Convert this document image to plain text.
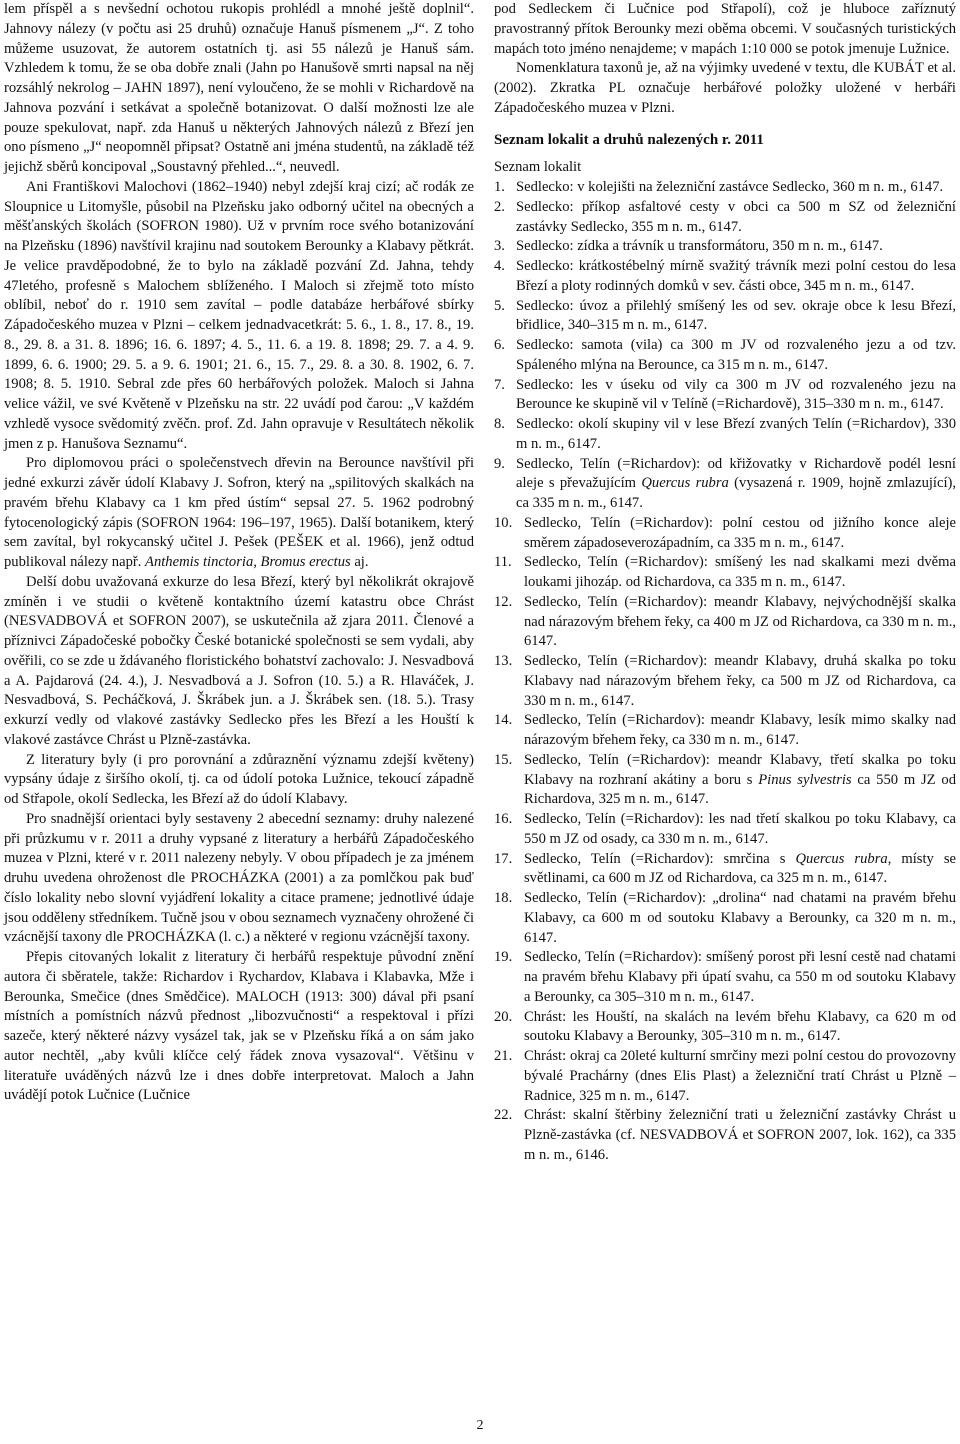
lem příspěl a s nevšední ochotou rukopis prohlédl a mnohé ještě doplnil“. Jahnovy nálezy (v počtu asi 25 druhů) označuje Hanuš písmenem „J“. Z toho můžeme usuzovat, že autorem ostatních tj. asi 55 nálezů je Hanuš sám. Vzhledem k tomu, že se oba dobře znali (Jahn po Hanušově smrti napsal na něj rozsáhlý nekrolog – JAHN 1897), není vyloučeno, že se mohli v Richardově na Jahnova pozvání i setkávat a společně botanizovat. O další možnosti lze ale pouze spekulovat, např. zda Hanuš u některých Jahnových nálezů z Březí jen ono písmeno „J“ neopomněl připsat? Ostatně ani jména studentů, na základě též jejichž sběrů koncipoval „Soustavný přehled...“, neuvedl.

Ani Františkovi Malochovi (1862–1940) nebyl zdejší kraj cizí; ač rodák ze Sloupnice u Litomyšle, působil na Plzeňsku jako odborný učitel na obecných a měšťanských školách (SOFRON 1980). Už v prvním roce svého botanizování na Plzeňsku (1896) navštívil krajinu nad soutokem Berounky a Klabavy pětkrát. Je velice pravděpodobné, že to bylo na základě pozvání Zd. Jahna, tehdy 47letého, profesně s Malochem sblíženého. I Maloch si zřejmě toto místo oblíbil, neboť do r. 1910 sem zavítal – podle databáze herbářové sbírky Západočeského muzea v Plzni – celkem jednadvacetkrát: 5. 6., 1. 8., 17. 8., 19. 8., 29. 8. a 31. 8. 1896; 16. 6. 1897; 4. 5., 11. 6. a 19. 8. 1898; 29. 7. a 4. 9. 1899, 6. 6. 1900; 29. 5. a 9. 6. 1901; 21. 6., 15. 7., 29. 8. a 30. 8. 1902, 6. 7. 1908; 8. 5. 1910. Sebral zde přes 60 herbářových položek. Maloch si Jahna velice vážil, ve své Květeně v Plzeňsku na str. 22 uvádí pod čarou: „V každém vzhledě vysoce svědomitý zvěčn. prof. Zd. Jahn opravuje v Resultátech několik jmen z p. Hanušova Seznamu“.

Pro diplomovou práci o společenstvech dřevin na Berounce navštívil při jedné exkurzi závěr údolí Klabavy J. Sofron, který na „spilitových skalkách na pravém břehu Klabavy ca 1 km před ústím“ sepsal 27. 5. 1962 podrobný fytocenologický zápis (SOFRON 1964: 196–197, 1965). Další botanikem, který sem zavítal, byl rokycanský učitel J. Pešek (PEŠEK et al. 1966), jenž odtud publikoval nálezy např. Anthemis tinctoria, Bromus erectus aj.

Delší dobu uvažovaná exkurze do lesa Březí, který byl několikrát okrajově zmíněn i ve studii o květeně kontaktního území katastru obce Chrást (NESVADBOVÁ et SOFRON 2007), se uskutečnila až zjara 2011. Členové a příznivci Západočeské pobočky České botanické společnosti se sem vydali, aby ověřili, co se zde u ždávaného floristického bohatství zachovalo: J. Nesvadbová a A. Pajdarová (24. 4.), J. Nesvadbová a J. Sofron (10. 5.) a R. Hlaváček, J. Nesvadbová, S. Pecháčková, J. Škrábek jun. a J. Škrábek sen. (18. 5.). Trasy exkurzí vedly od vlakové zastávky Sedlecko přes les Březí a les Houští k vlakové zastávce Chrást u Plzně-zastávka.

Z literatury byly (i pro porovnání a zdůraznění významu zdejší květeny) vypsány údaje z širšího okolí, tj. ca od údolí potoka Lužnice, tekoucí západně od Střapole, okolí Sedlecka, les Březí až do údolí Klabavy.

Pro snadnější orientaci byly sestaveny 2 abecední seznamy: druhy nalezené při průzkumu v r. 2011 a druhy vypsané z literatury a herbářů Západočeského muzea v Plzni, které v r. 2011 nalezeny nebyly. V obou případech je za jménem druhu uvedena ohroženost dle PROCHÁZKA (2001) a za pomlčkou pak buď číslo lokality nebo slovní vyjádření lokality a citace pramene; jednotlivé údaje jsou odděleny středníkem. Tučně jsou v obou seznamech vyznačeny ohrožené či vzácnější taxony dle PROCHÁZKA (l. c.) a některé v regionu vzácnější taxony.

Přepis citovaných lokalit z literatury či herbářů respektuje původní znění autora či sběratele, takže: Richardov i Rychardov, Klabava i Klabavka, Mže i Berounka, Smečice (dnes Smědčice). MALOCH (1913: 300) dával při psaní místních a pomístních názvů přednost „libozvučnosti“ a respektoval i přízi sazeče, který některé názvy vysázel tak, jak se v Plzeňsku říká a on sám jako autor nechtěl, „aby kvůli klíčce celý řádek znova vysazoval“. Většinu v literatuře uváděných názvů lze i dnes dobře interpretovat. Maloch a Jahn uvádějí potok Lučnice (Lučnice

pod Sedleckem či Lučnice pod Střapolí), což je hluboce zaříznutý pravostranný přítok Berounky mezi oběma obcemi. V současných turistických mapách toto jméno nenajdeme; v mapách 1:10 000 se potok jmenuje Lužnice.

Nomenklatura taxonů je, až na výjimky uvedené v textu, dle KUBÁT et al. (2002). Zkratka PL označuje herbářové položky uložené v herbáři Západočeského muzea v Plzni.

Seznam lokalit a druhů nalezených r. 2011

Seznam lokalit

1. Sedlecko: v kolejišti na železniční zastávce Sedlecko, 360 m n. m., 6147.
2. Sedlecko: příkop asfaltové cesty v obci ca 500 m SZ od železniční zastávky Sedlecko, 355 m n. m., 6147.
3. Sedlecko: zídka a trávník u transformátoru, 350 m n. m., 6147.
4. Sedlecko: krátkostébelný mírně svažitý trávník mezi polní cestou do lesa Březí a ploty rodinných domků v sev. části obce, 345 m n. m., 6147.
5. Sedlecko: úvoz a přilehlý smíšený les od sev. okraje obce k lesu Březí, břidlice, 340–315 m n. m., 6147.
6. Sedlecko: samota (vila) ca 300 m JV od rozvaleného jezu a od tzv. Spáleného mlýna na Berounce, ca 315 m n. m., 6147.
7. Sedlecko: les v úseku od vily ca 300 m JV od rozvaleného jezu na Berounce ke skupině vil v Telíně (=Richardově), 315–330 m n. m., 6147.
8. Sedlecko: okolí skupiny vil v lese Březí zvaných Telín (=Richardov), 330 m n. m., 6147.
9. Sedlecko, Telín (=Richardov): od křižovatky v Richardově podél lesní aleje s převažujícím Quercus rubra (vysazená r. 1909, hojně zmlazující), ca 335 m n. m., 6147.
10. Sedlecko, Telín (=Richardov): polní cestou od jižního konce aleje směrem západoseverozápadním, ca 335 m n. m., 6147.
11. Sedlecko, Telín (=Richardov): smíšený les nad skalkami mezi dvěma loukami jihozáp. od Richardova, ca 335 m n. m., 6147.
12. Sedlecko, Telín (=Richardov): meandr Klabavy, nejvýchodnější skalka nad nárazovým břehem řeky, ca 400 m JZ od Richardova, ca 330 m n. m., 6147.
13. Sedlecko, Telín (=Richardov): meandr Klabavy, druhá skalka po toku Klabavy nad nárazovým břehem řeky, ca 500 m JZ od Richardova, ca 330 m n. m., 6147.
14. Sedlecko, Telín (=Richardov): meandr Klabavy, lesík mimo skalky nad nárazovým břehem řeky, ca 330 m n. m., 6147.
15. Sedlecko, Telín (=Richardov): meandr Klabavy, třetí skalka po toku Klabavy na rozhraní akátiny a boru s Pinus sylvestris ca 550 m JZ od Richardova, 325 m n. m., 6147.
16. Sedlecko, Telín (=Richardov): les nad třetí skalkou po toku Klabavy, ca 550 m JZ od osady, ca 330 m n. m., 6147.
17. Sedlecko, Telín (=Richardov): smrčina s Quercus rubra, místy se světlinami, ca 600 m JZ od Richardova, ca 325 m n. m., 6147.
18. Sedlecko, Telín (=Richardov): „drolina“ nad chatami na pravém břehu Klabavy, ca 600 m od soutoku Klabavy a Berounky, ca 320 m n. m., 6147.
19. Sedlecko, Telín (=Richardov): smíšený porost při lesní cestě nad chatami na pravém břehu Klabavy při úpatí svahu, ca 550 m od soutoku Klabavy a Berounky, ca 305–310 m n. m., 6147.
20. Chrást: les Houští, na skalách na levém břehu Klabavy, ca 620 m od soutoku Klabavy a Berounky, 305–310 m n. m., 6147.
21. Chrást: okraj ca 20leté kulturní smrčiny mezi polní cestou do provozovny bývalé Prachárny (dnes Elis Plast) a železniční tratí Chrást u Plzně – Radnice, 325 m n. m., 6147.
22. Chrást: skalní štěrbiny železniční trati u železniční zastávky Chrást u Plzně-zastávka (cf. NESVADBOVÁ et SOFRON 2007, lok. 162), ca 335 m n. m., 6146.
2
